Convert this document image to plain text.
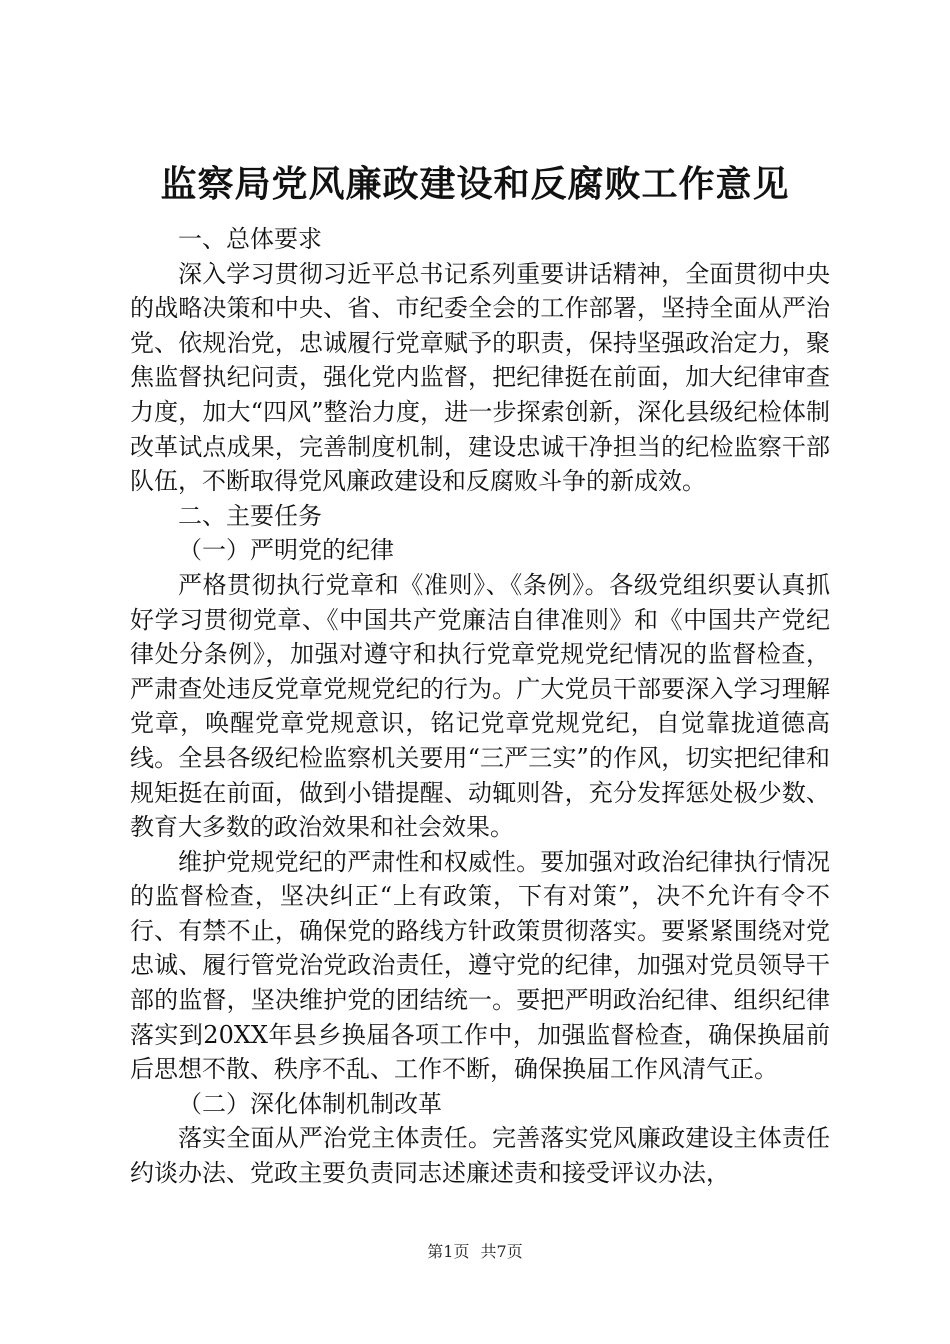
监察局党风廉政建设和反腐败工作意见

一、总体要求

深入学习贯彻习近平总书记系列重要讲话精神，全面贯彻中央的战略决策和中央、省、市纪委全会的工作部署，坚持全面从严治党、依规治党，忠诚履行党章赋予的职责，保持坚强政治定力，聚焦监督执纪问责，强化党内监督，把纪律挺在前面，加大纪律审查力度，加大“四风”整治力度，进一步探索创新，深化县级纪检体制改革试点成果，完善制度机制，建设忠诚干净担当的纪检监察干部队伍，不断取得党风廉政建设和反腐败斗争的新成效。

二、主要任务

（一）严明党的纪律

严格贯彻执行党章和《准则》、《条例》。各级党组织要认真抓好学习贯彻党章、《中国共产党廉洁自律准则》和《中国共产党纪律处分条例》，加强对遵守和执行党章党规党纪情况的监督检查，严肃查处违反党章党规党纪的行为。广大党员干部要深入学习理解党章，唤醒党章党规意识，铭记党章党规党纪，自觉靠拢道德高线。全县各级纪检监察机关要用“三严三实”的作风，切实把纪律和规矩挺在前面，做到小错提醒、动辄则咎，充分发挥惩处极少数、教育大多数的政治效果和社会效果。

维护党规党纪的严肃性和权威性。要加强对政治纪律执行情况的监督检查，坚决纠正“上有政策，下有对策”，决不允许有令不行、有禁不止，确保党的路线方针政策贯彻落实。要紧紧围绕对党忠诚、履行管党治党政治责任，遵守党的纪律，加强对党员领导干部的监督，坚决维护党的团结统一。要把严明政治纪律、组织纪律落实到20XX年县乡换届各项工作中，加强监督检查，确保换届前后思想不散、秩序不乱、工作不断，确保换届工作风清气正。

（二）深化体制机制改革

落实全面从严治党主体责任。完善落实党风廉政建设主体责任约谈办法、党政主要负责同志述廉述责和接受评议办法，

第1页 共7页
